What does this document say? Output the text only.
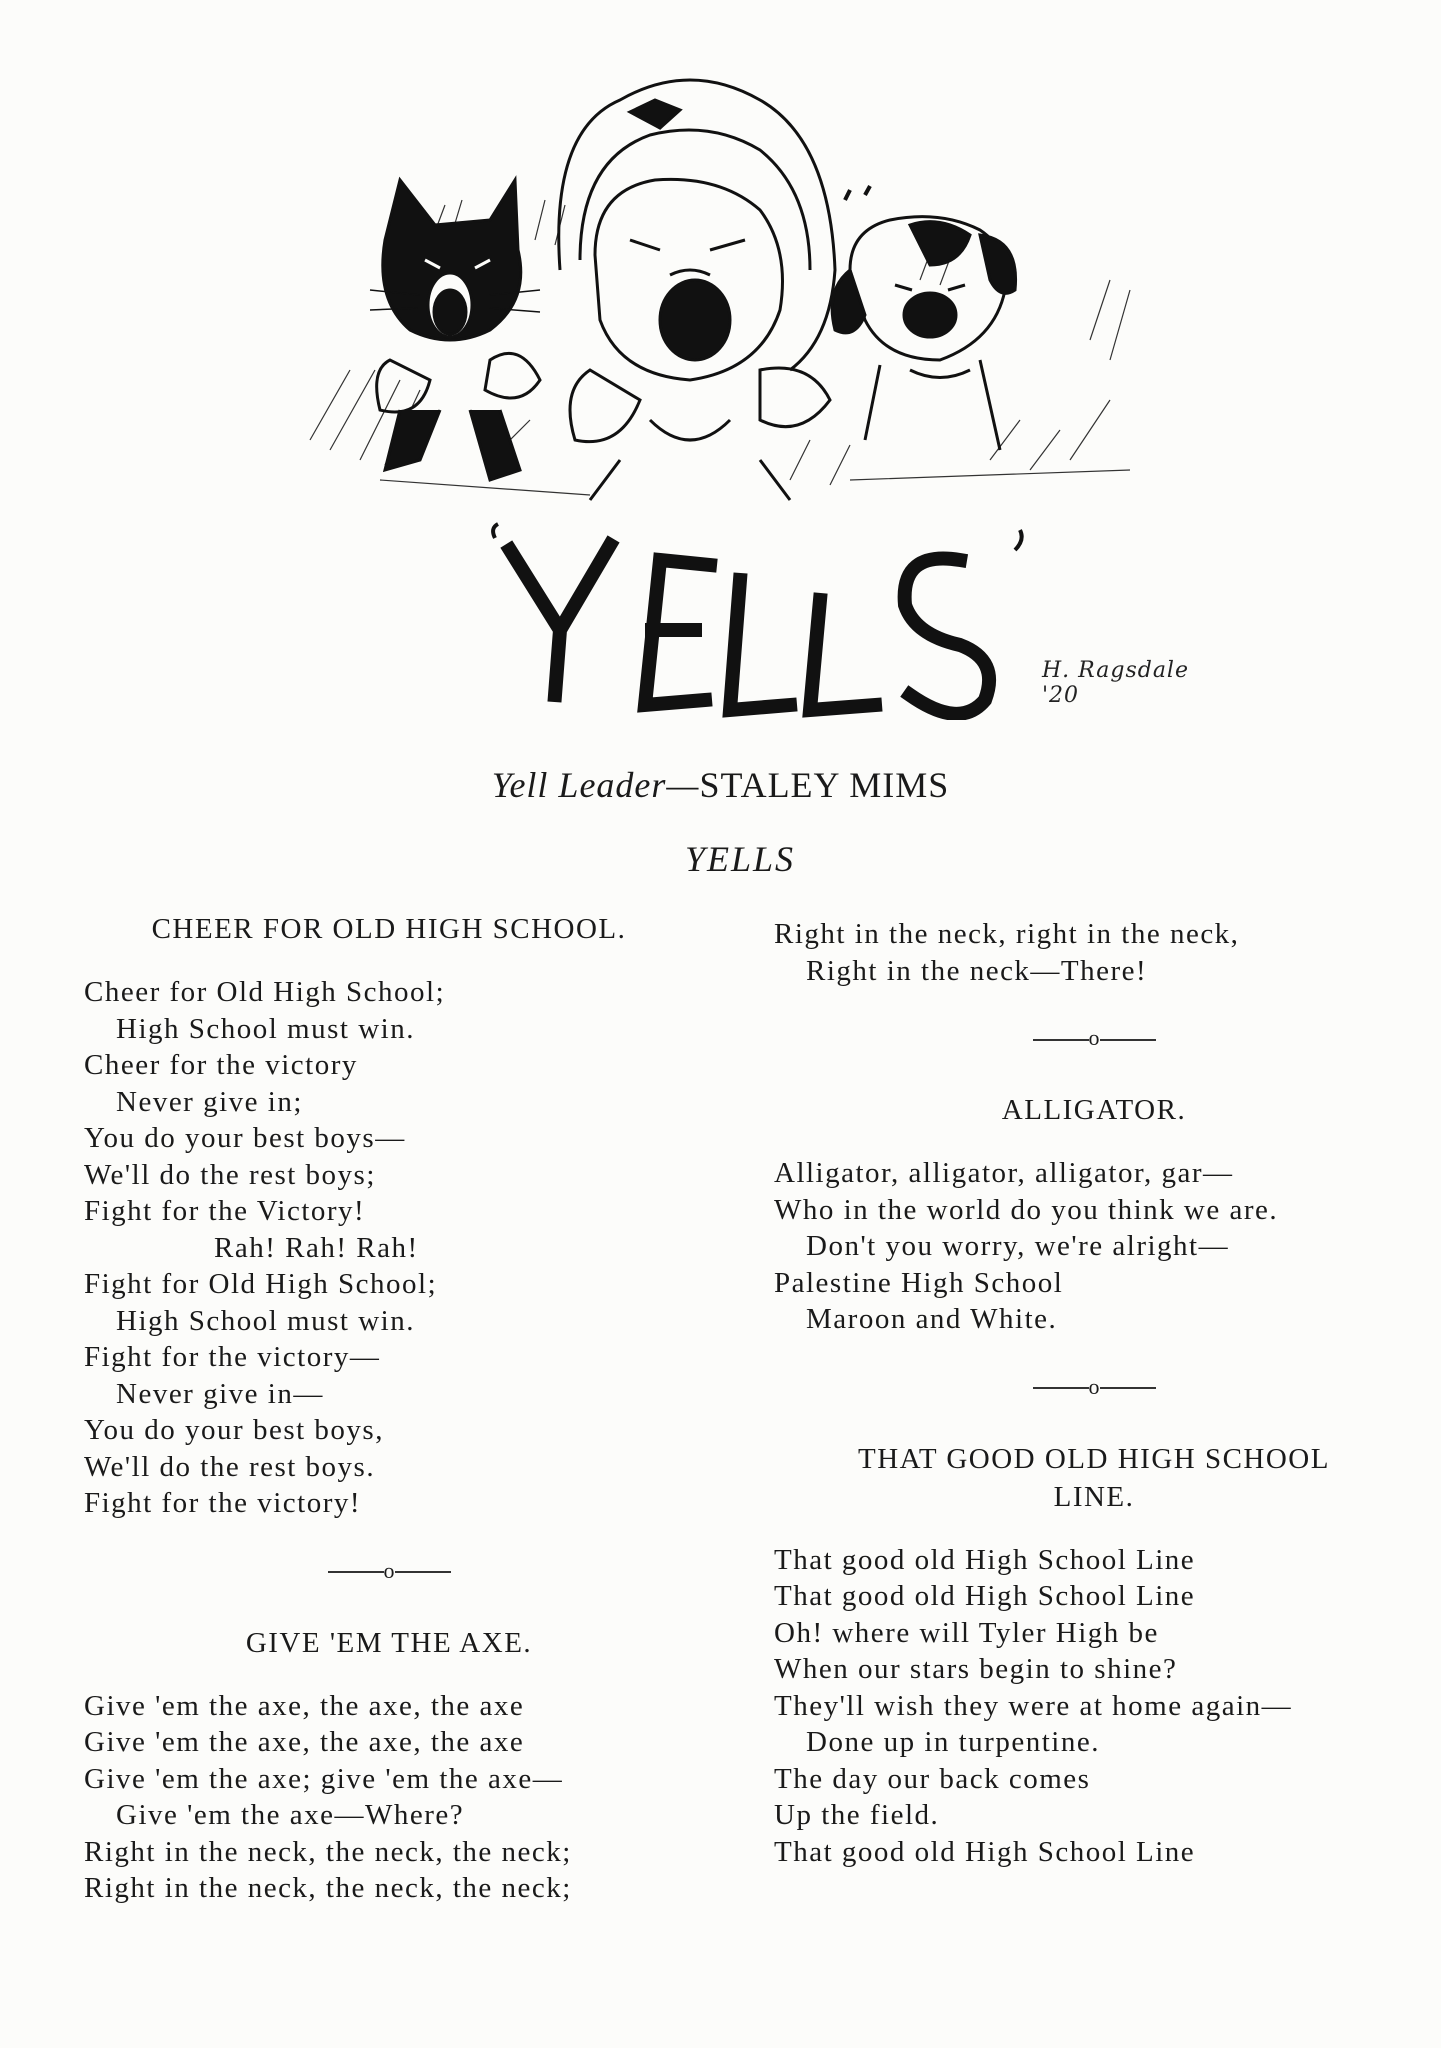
H. Ragsdale '20
Yell Leader—STALEY MIMS
YELLS
CHEER FOR OLD HIGH SCHOOL.
Cheer for Old High School;
High School must win.
Cheer for the victory
Never give in;
You do your best boys—
We'll do the rest boys;
Fight for the Victory!
Rah! Rah! Rah!
Fight for Old High School;
High School must win.
Fight for the victory—
Never give in—
You do your best boys,
We'll do the rest boys.
Fight for the victory!
o
GIVE 'EM THE AXE.
Give 'em the axe, the axe, the axe
Give 'em the axe, the axe, the axe
Give 'em the axe; give 'em the axe—
Give 'em the axe—Where?
Right in the neck, the neck, the neck;
Right in the neck, the neck, the neck;
Right in the neck, right in the neck,
Right in the neck—There!
o
ALLIGATOR.
Alligator, alligator, alligator, gar—
Who in the world do you think we are.
Don't you worry, we're alright—
Palestine High School
Maroon and White.
o
THAT GOOD OLD HIGH SCHOOL LINE.
That good old High School Line
That good old High School Line
Oh! where will Tyler High be
When our stars begin to shine?
They'll wish they were at home again—
Done up in turpentine.
The day our back comes
Up the field.
That good old High School Line
